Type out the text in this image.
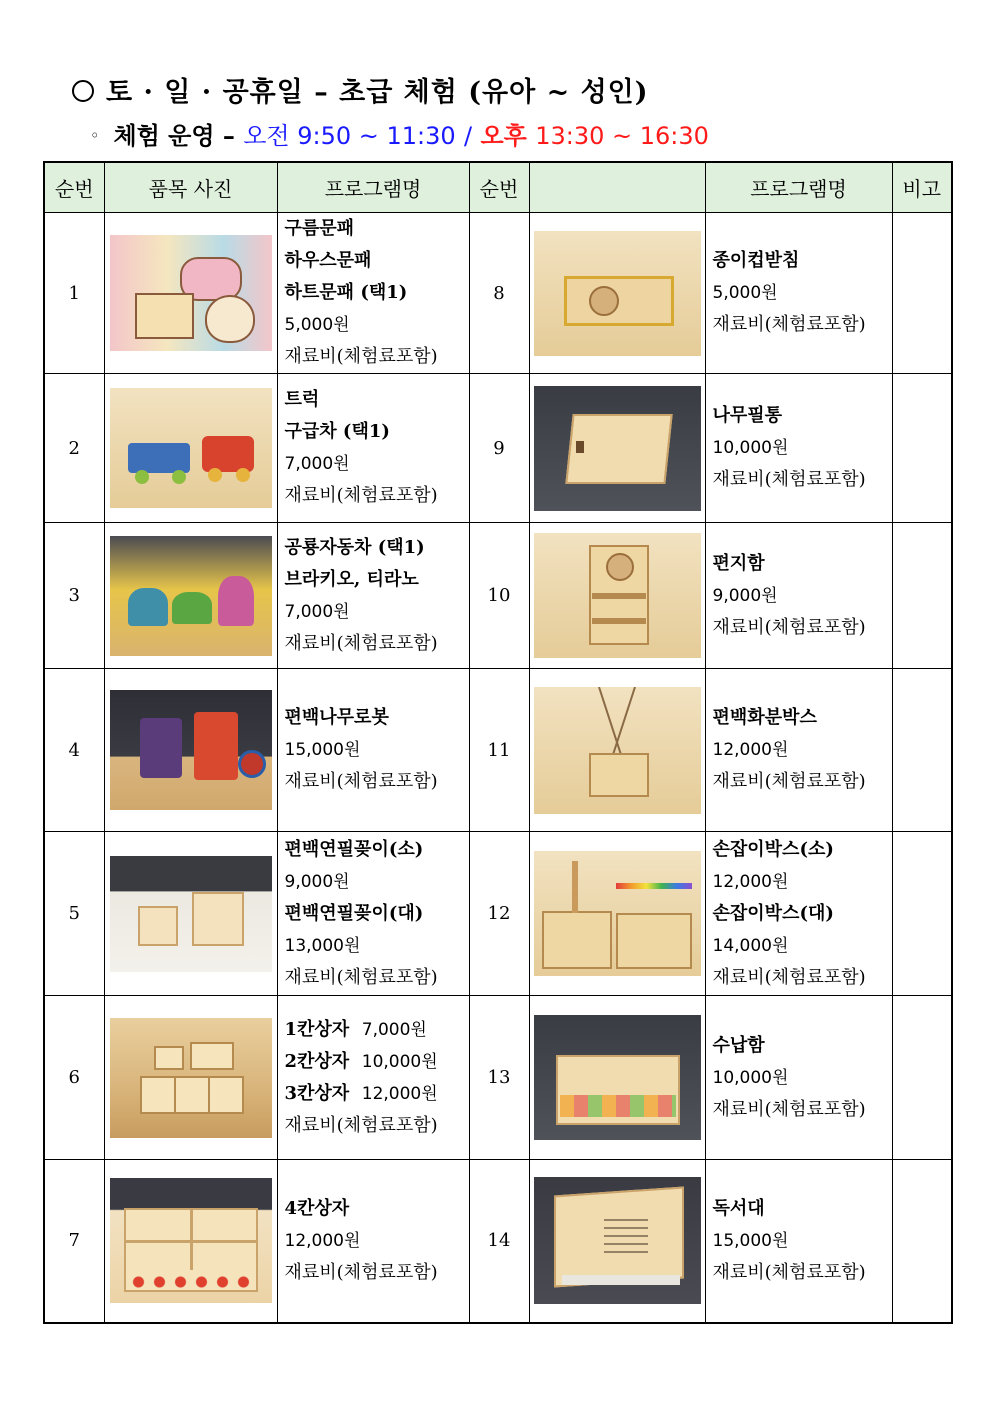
토 · 일 · 공휴일 – 초급 체험 (유아 ~ 성인)
◦ 체험 운영 – 오전 9:50 ~ 11:30 / 오후 13:30 ~ 16:30
순번	품목 사진	프로그램명	순번		프로그램명	비고
1		구름문패
하우스문패
하트문패 (택1)
5,000원
재료비(체험료포함)	8		종이컵받침
5,000원
재료비(체험료포함)	

2		트럭
구급차 (택1)
7,000원
재료비(체험료포함)	9		나무필통
10,000원
재료비(체험료포함)	

3		공룡자동차 (택1)
브라키오, 티라노
7,000원
재료비(체험료포함)	10		편지함
9,000원
재료비(체험료포함)	

4		편백나무로봇
15,000원
재료비(체험료포함)	11		편백화분박스
12,000원
재료비(체험료포함)	

5		편백연필꽂이(소)
9,000원
편백연필꽂이(대)
13,000원
재료비(체험료포함)	12		손잡이박스(소)
12,000원
손잡이박스(대)
14,000원
재료비(체험료포함)	

6		1칸상자 7,000원
2칸상자 10,000원
3칸상자 12,000원
재료비(체험료포함)	13		수납함
10,000원
재료비(체험료포함)	

7		4칸상자
12,000원
재료비(체험료포함)	14		독서대
15,000원
재료비(체험료포함)	
